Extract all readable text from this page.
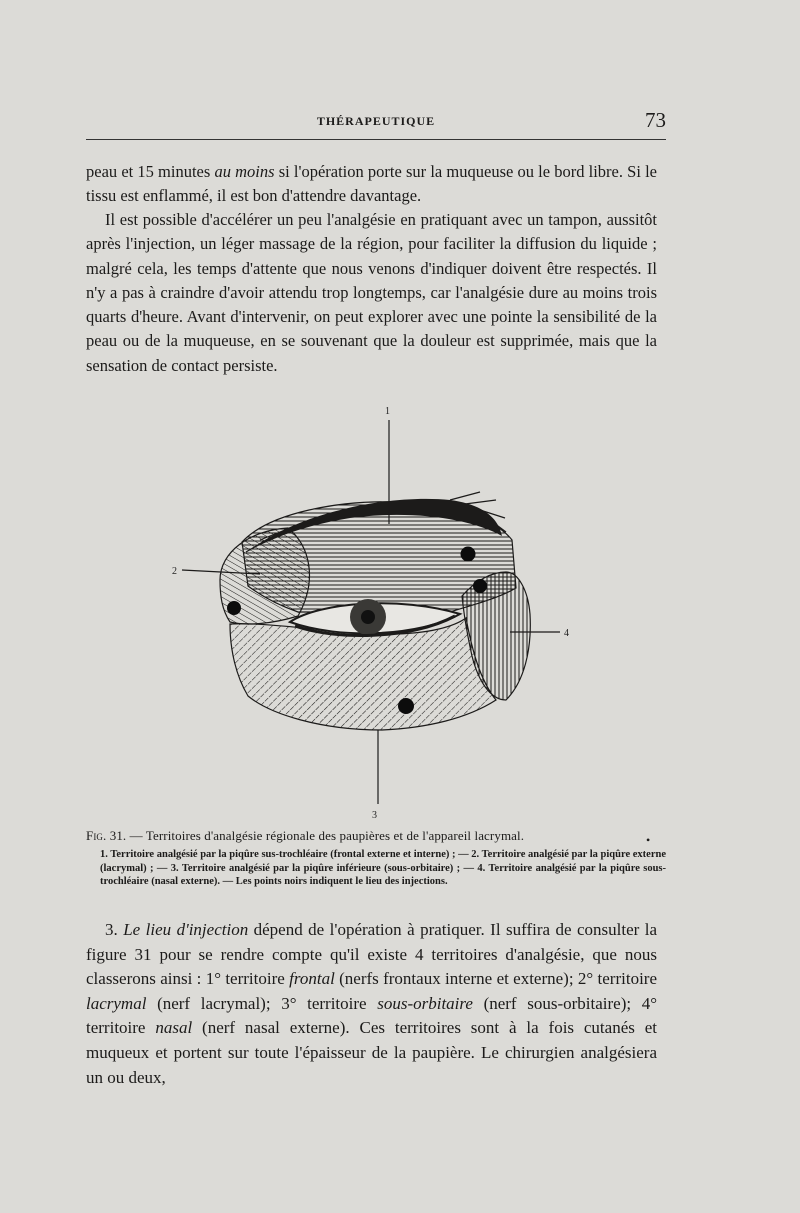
THÉRAPEUTIQUE	73

peau et 15 minutes au moins si l'opération porte sur la muqueuse ou le bord libre. Si le tissu est enflammé, il est bon d'attendre davantage.

Il est possible d'accélérer un peu l'analgésie en pratiquant avec un tampon, aussitôt après l'injection, un léger massage de la région, pour faciliter la diffusion du liquide ; malgré cela, les temps d'attente que nous venons d'indiquer doivent être respectés. Il n'y a pas à craindre d'avoir attendu trop longtemps, car l'analgésie dure au moins trois quarts d'heure. Avant d'intervenir, on peut explorer avec une pointe la sensibilité de la peau ou de la muqueuse, en se souvenant que la douleur est supprimée, mais que la sensation de contact persiste.

1
2
3
4

Fig. 31. — Territoires d'analgésie régionale des paupières et de l'appareil lacrymal.

1. Territoire analgésié par la piqûre sus-trochléaire (frontal externe et interne) ; — 2. Territoire analgésié par la piqûre externe (lacrymal) ; — 3. Territoire analgésié par la piqûre inférieure (sous-orbitaire) ; — 4. Territoire analgésié par la piqûre sous-trochléaire (nasal externe). — Les points noirs indiquent le lieu des injections.

•

3. Le lieu d'injection dépend de l'opération à pratiquer. Il suffira de consulter la figure 31 pour se rendre compte qu'il existe 4 territoires d'analgésie, que nous classerons ainsi : 1° territoire frontal (nerfs frontaux interne et externe); 2° territoire lacrymal (nerf lacrymal); 3° territoire sous-orbitaire (nerf sous-orbitaire); 4° territoire nasal (nerf nasal externe). Ces territoires sont à la fois cutanés et muqueux et portent sur toute l'épaisseur de la paupière. Le chirurgien analgésiera un ou deux,
